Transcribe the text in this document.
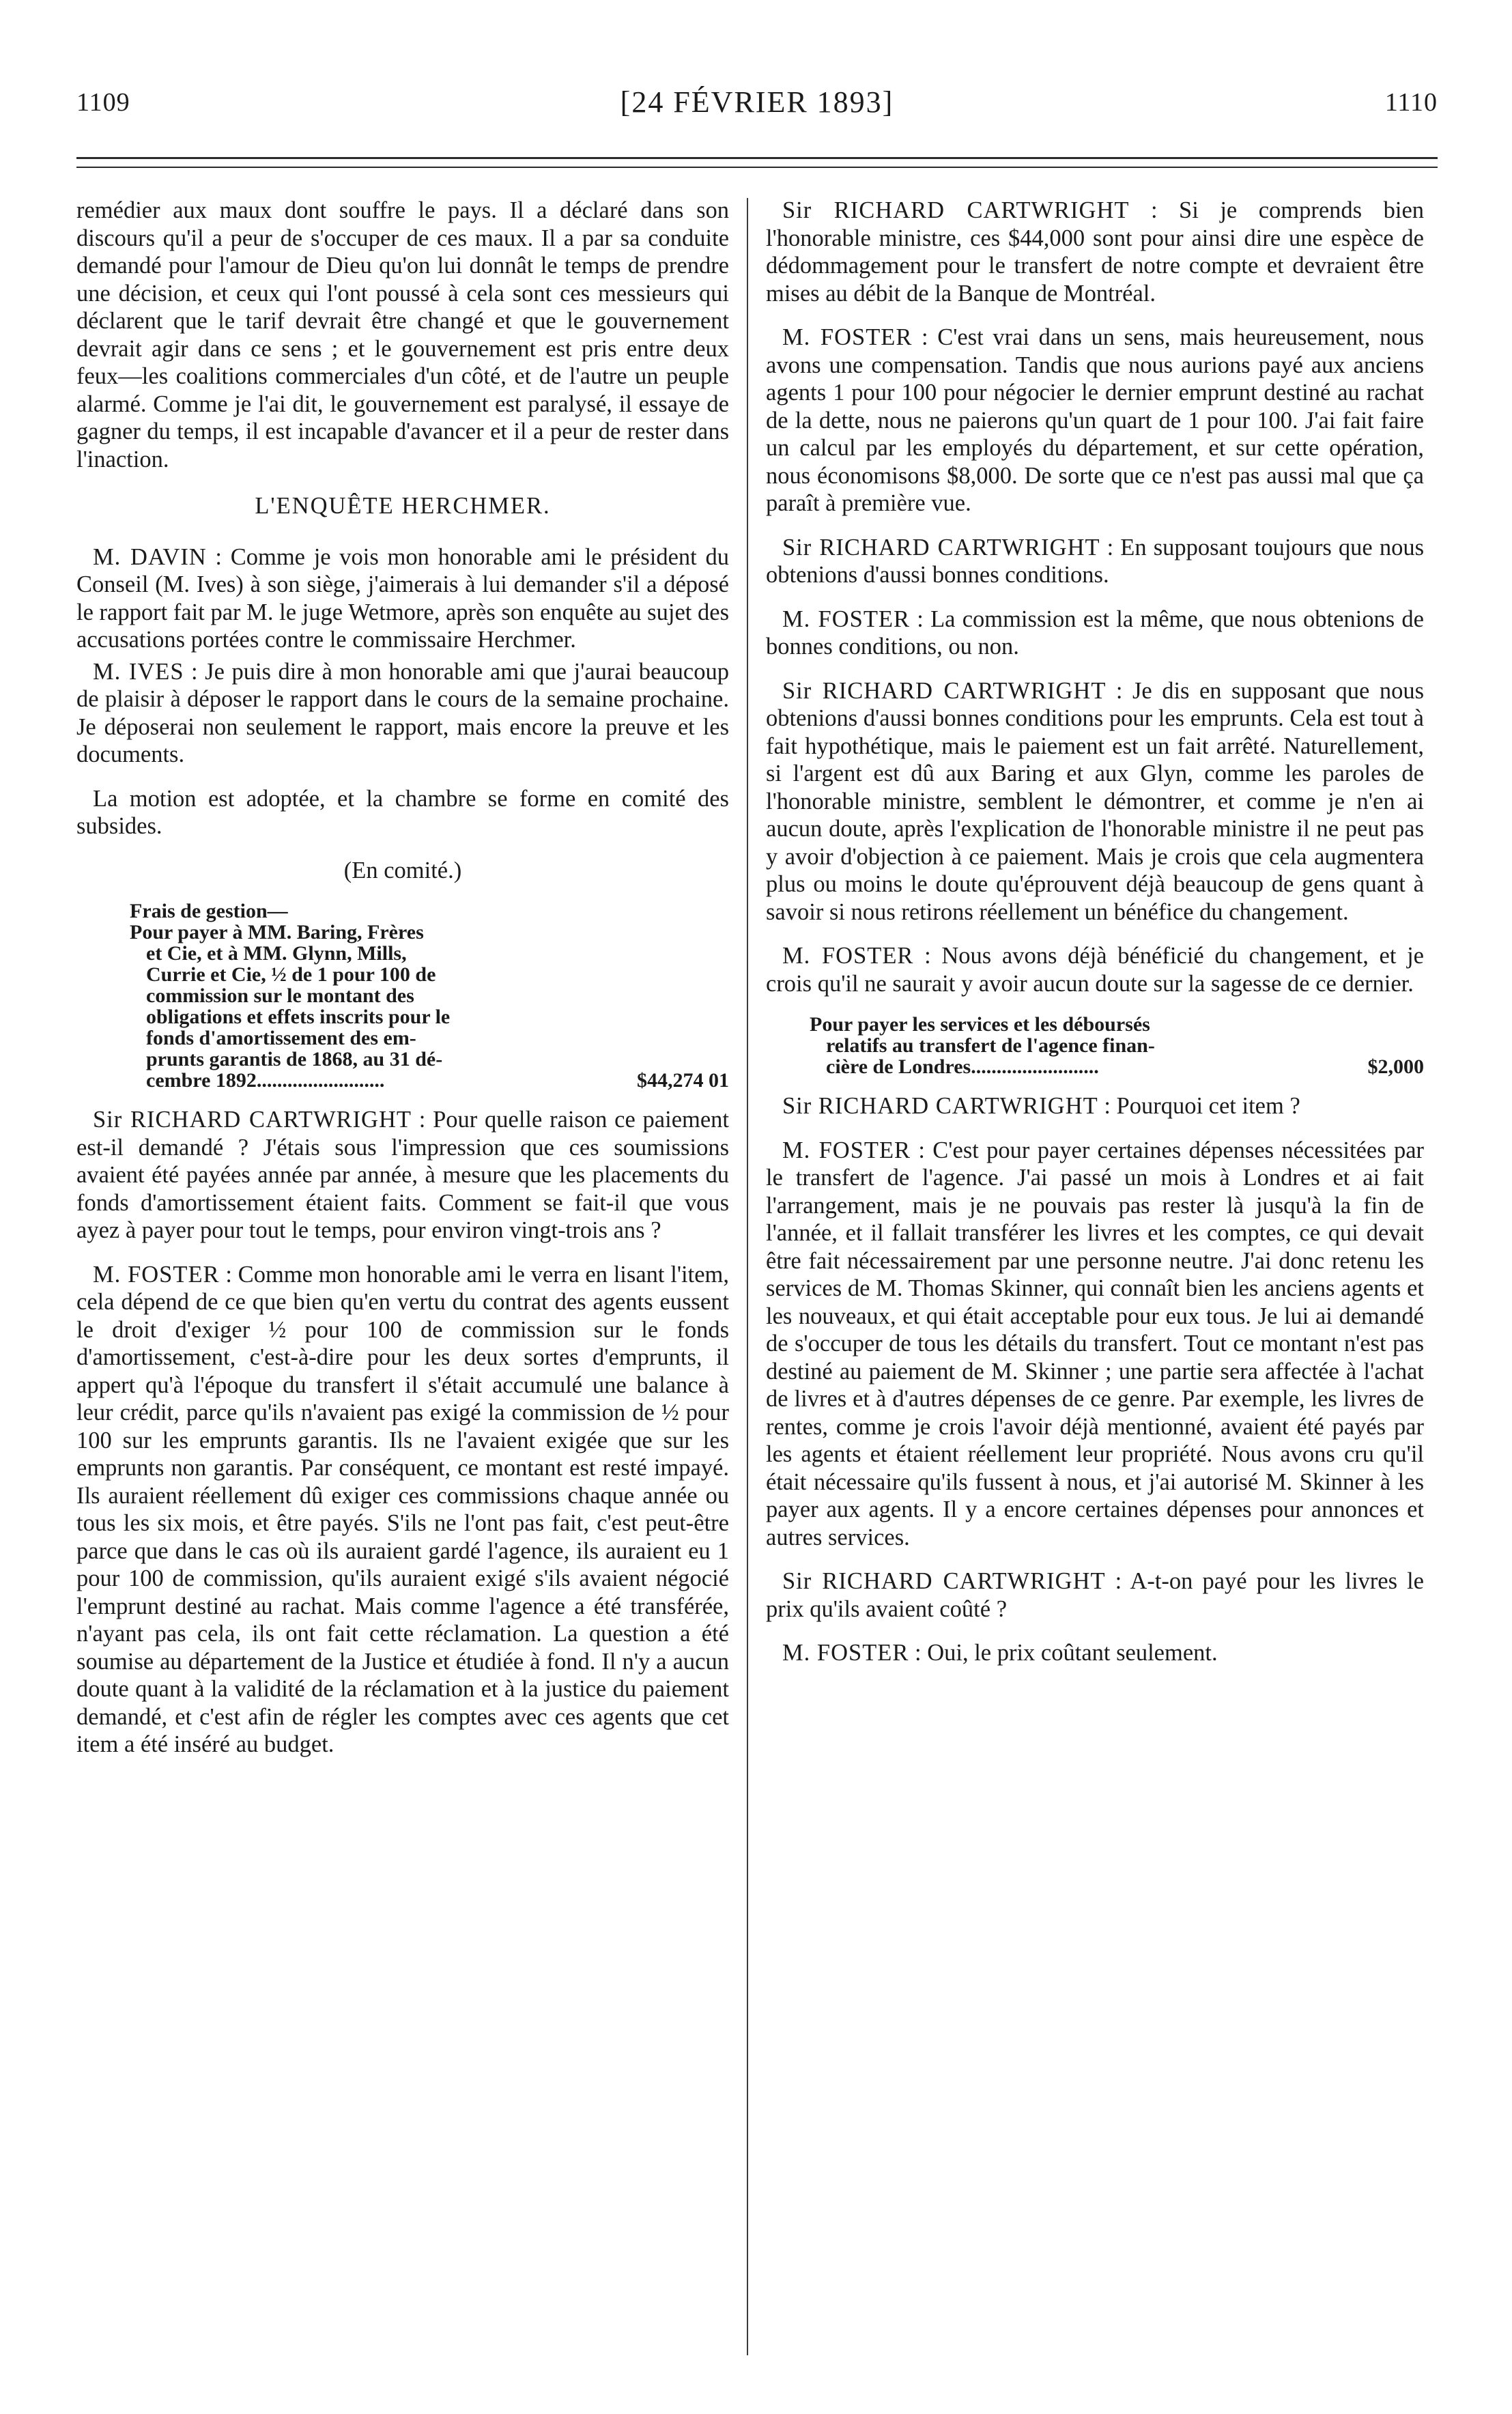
1109	[24 FÉVRIER 1893]	1110

remédier aux maux dont souffre le pays. Il a déclaré dans son discours qu'il a peur de s'occuper de ces maux. Il a par sa conduite demandé pour l'amour de Dieu qu'on lui donnât le temps de prendre une décision, et ceux qui l'ont poussé à cela sont ces messieurs qui déclarent que le tarif devrait être changé et que le gouvernement devrait agir dans ce sens ; et le gouvernement est pris entre deux feux—les coalitions commerciales d'un côté, et de l'autre un peuple alarmé. Comme je l'ai dit, le gouvernement est paralysé, il essaye de gagner du temps, il est incapable d'avancer et il a peur de rester dans l'inaction.

L'ENQUÊTE HERCHMER.

M. DAVIN : Comme je vois mon honorable ami le président du Conseil (M. Ives) à son siège, j'aimerais à lui demander s'il a déposé le rapport fait par M. le juge Wetmore, après son enquête au sujet des accusations portées contre le commissaire Herchmer.

M. IVES : Je puis dire à mon honorable ami que j'aurai beaucoup de plaisir à déposer le rapport dans le cours de la semaine prochaine. Je déposerai non seulement le rapport, mais encore la preuve et les documents.

La motion est adoptée, et la chambre se forme en comité des subsides.

(En comité.)

Frais de gestion—
Pour payer à MM. Baring, Frères
et Cie, et à MM. Glynn, Mills,
Currie et Cie, ½ de 1 pour 100 de
commission sur le montant des
obligations et effets inscrits pour le
fonds d'amortissement des em-
prunts garantis de 1868, au 31 dé-
cembre 1892.........................	$44,274 01

Sir RICHARD CARTWRIGHT : Pour quelle raison ce paiement est-il demandé ? J'étais sous l'impression que ces soumissions avaient été payées année par année, à mesure que les placements du fonds d'amortissement étaient faits. Comment se fait-il que vous ayez à payer pour tout le temps, pour environ vingt-trois ans ?

M. FOSTER : Comme mon honorable ami le verra en lisant l'item, cela dépend de ce que bien qu'en vertu du contrat des agents eussent le droit d'exiger ½ pour 100 de commission sur le fonds d'amortissement, c'est-à-dire pour les deux sortes d'emprunts, il appert qu'à l'époque du transfert il s'était accumulé une balance à leur crédit, parce qu'ils n'avaient pas exigé la commission de ½ pour 100 sur les emprunts garantis. Ils ne l'avaient exigée que sur les emprunts non garantis. Par conséquent, ce montant est resté impayé. Ils auraient réellement dû exiger ces commissions chaque année ou tous les six mois, et être payés. S'ils ne l'ont pas fait, c'est peut-être parce que dans le cas où ils auraient gardé l'agence, ils auraient eu 1 pour 100 de commission, qu'ils auraient exigé s'ils avaient négocié l'emprunt destiné au rachat. Mais comme l'agence a été transférée, n'ayant pas cela, ils ont fait cette réclamation. La question a été soumise au département de la Justice et étudiée à fond. Il n'y a aucun doute quant à la validité de la réclamation et à la justice du paiement demandé, et c'est afin de régler les comptes avec ces agents que cet item a été inséré au budget.

Sir RICHARD CARTWRIGHT : Si je comprends bien l'honorable ministre, ces $44,000 sont pour ainsi dire une espèce de dédommagement pour le transfert de notre compte et devraient être mises au débit de la Banque de Montréal.

M. FOSTER : C'est vrai dans un sens, mais heureusement, nous avons une compensation. Tandis que nous aurions payé aux anciens agents 1 pour 100 pour négocier le dernier emprunt destiné au rachat de la dette, nous ne paierons qu'un quart de 1 pour 100. J'ai fait faire un calcul par les employés du département, et sur cette opération, nous économisons $8,000. De sorte que ce n'est pas aussi mal que ça paraît à première vue.

Sir RICHARD CARTWRIGHT : En supposant toujours que nous obtenions d'aussi bonnes conditions.

M. FOSTER : La commission est la même, que nous obtenions de bonnes conditions, ou non.

Sir RICHARD CARTWRIGHT : Je dis en supposant que nous obtenions d'aussi bonnes conditions pour les emprunts. Cela est tout à fait hypothétique, mais le paiement est un fait arrêté. Naturellement, si l'argent est dû aux Baring et aux Glyn, comme les paroles de l'honorable ministre, semblent le démontrer, et comme je n'en ai aucun doute, après l'explication de l'honorable ministre il ne peut pas y avoir d'objection à ce paiement. Mais je crois que cela augmentera plus ou moins le doute qu'éprouvent déjà beaucoup de gens quant à savoir si nous retirons réellement un bénéfice du changement.

M. FOSTER : Nous avons déjà bénéficié du changement, et je crois qu'il ne saurait y avoir aucun doute sur la sagesse de ce dernier.

Pour payer les services et les déboursés
relatifs au transfert de l'agence finan-
cière de Londres.........................	$2,000

Sir RICHARD CARTWRIGHT : Pourquoi cet item ?

M. FOSTER : C'est pour payer certaines dépenses nécessitées par le transfert de l'agence. J'ai passé un mois à Londres et ai fait l'arrangement, mais je ne pouvais pas rester là jusqu'à la fin de l'année, et il fallait transférer les livres et les comptes, ce qui devait être fait nécessairement par une personne neutre. J'ai donc retenu les services de M. Thomas Skinner, qui connaît bien les anciens agents et les nouveaux, et qui était acceptable pour eux tous. Je lui ai demandé de s'occuper de tous les détails du transfert. Tout ce montant n'est pas destiné au paiement de M. Skinner ; une partie sera affectée à l'achat de livres et à d'autres dépenses de ce genre. Par exemple, les livres de rentes, comme je crois l'avoir déjà mentionné, avaient été payés par les agents et étaient réellement leur propriété. Nous avons cru qu'il était nécessaire qu'ils fussent à nous, et j'ai autorisé M. Skinner à les payer aux agents. Il y a encore certaines dépenses pour annonces et autres services.

Sir RICHARD CARTWRIGHT : A-t-on payé pour les livres le prix qu'ils avaient coûté ?

M. FOSTER : Oui, le prix coûtant seulement.
